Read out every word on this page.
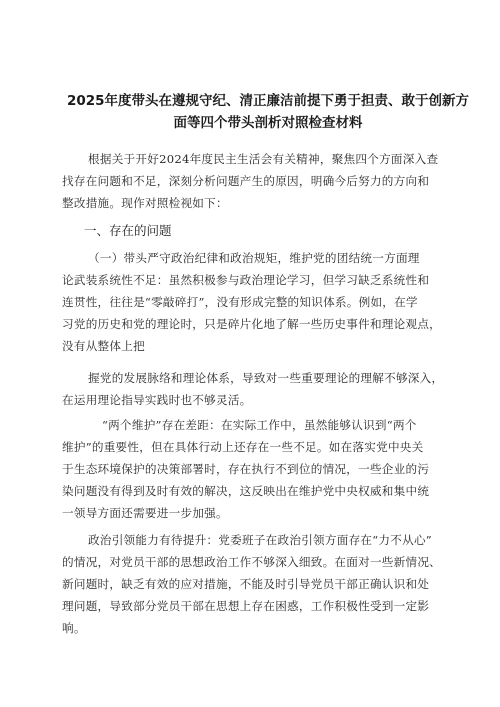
2025年度带头在遵规守纪、清正廉洁前提下勇于担责、敢于创新方
面等四个带头剖析对照检查材料
根据关于开好2024年度民主生活会有关精神，聚焦四个方面深入查
找存在问题和不足，深刻分析问题产生的原因，明确今后努力的方向和
整改措施。现作对照检视如下：
一、存在的问题
（一）带头严守政治纪律和政治规矩，维护党的团结统一方面理
论武装系统性不足：虽然积极参与政治理论学习，但学习缺乏系统性和
连贯性，往往是“零敲碎打”，没有形成完整的知识体系。例如，在学
习党的历史和党的理论时，只是碎片化地了解一些历史事件和理论观点，
没有从整体上把
握党的发展脉络和理论体系，导致对一些重要理论的理解不够深入，
在运用理论指导实践时也不够灵活。
“两个维护”存在差距：在实际工作中，虽然能够认识到“两个
维护”的重要性，但在具体行动上还存在一些不足。如在落实党中央关
于生态环境保护的决策部署时，存在执行不到位的情况，一些企业的污
染问题没有得到及时有效的解决，这反映出在维护党中央权威和集中统
一领导方面还需要进一步加强。
政治引领能力有待提升：党委班子在政治引领方面存在“力不从心”
的情况，对党员干部的思想政治工作不够深入细致。在面对一些新情况、
新问题时，缺乏有效的应对措施，不能及时引导党员干部正确认识和处
理问题，导致部分党员干部在思想上存在困惑，工作积极性受到一定影
响。
